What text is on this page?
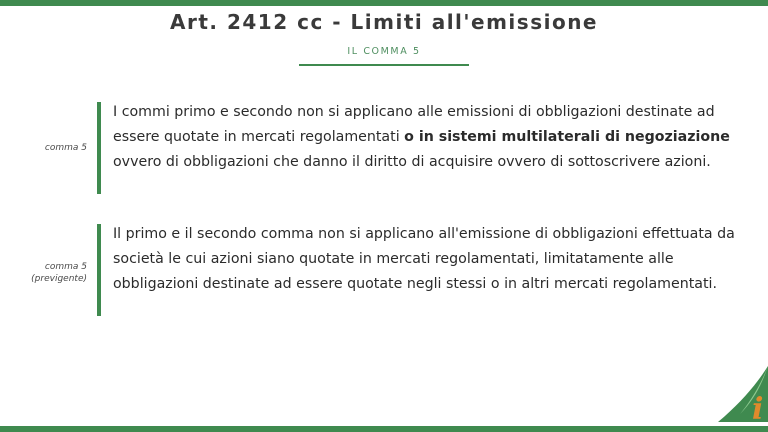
Art. 2412 cc - Limiti all'emissione
IL COMMA 5
comma 5

I commi primo e secondo non si applicano alle emissioni di obbligazioni destinate ad essere quotate in mercati regolamentati o in sistemi multilaterali di negoziazione ovvero di obbligazioni che danno il diritto di acquisire ovvero di sottoscrivere azioni.

comma 5
(previgente)

Il primo e il secondo comma non si applicano all'emissione di obbligazioni effettuata da società le cui azioni siano quotate in mercati regolamentati, limitatamente alle obbligazioni destinate ad essere quotate negli stessi o in altri mercati regolamentati.

i
